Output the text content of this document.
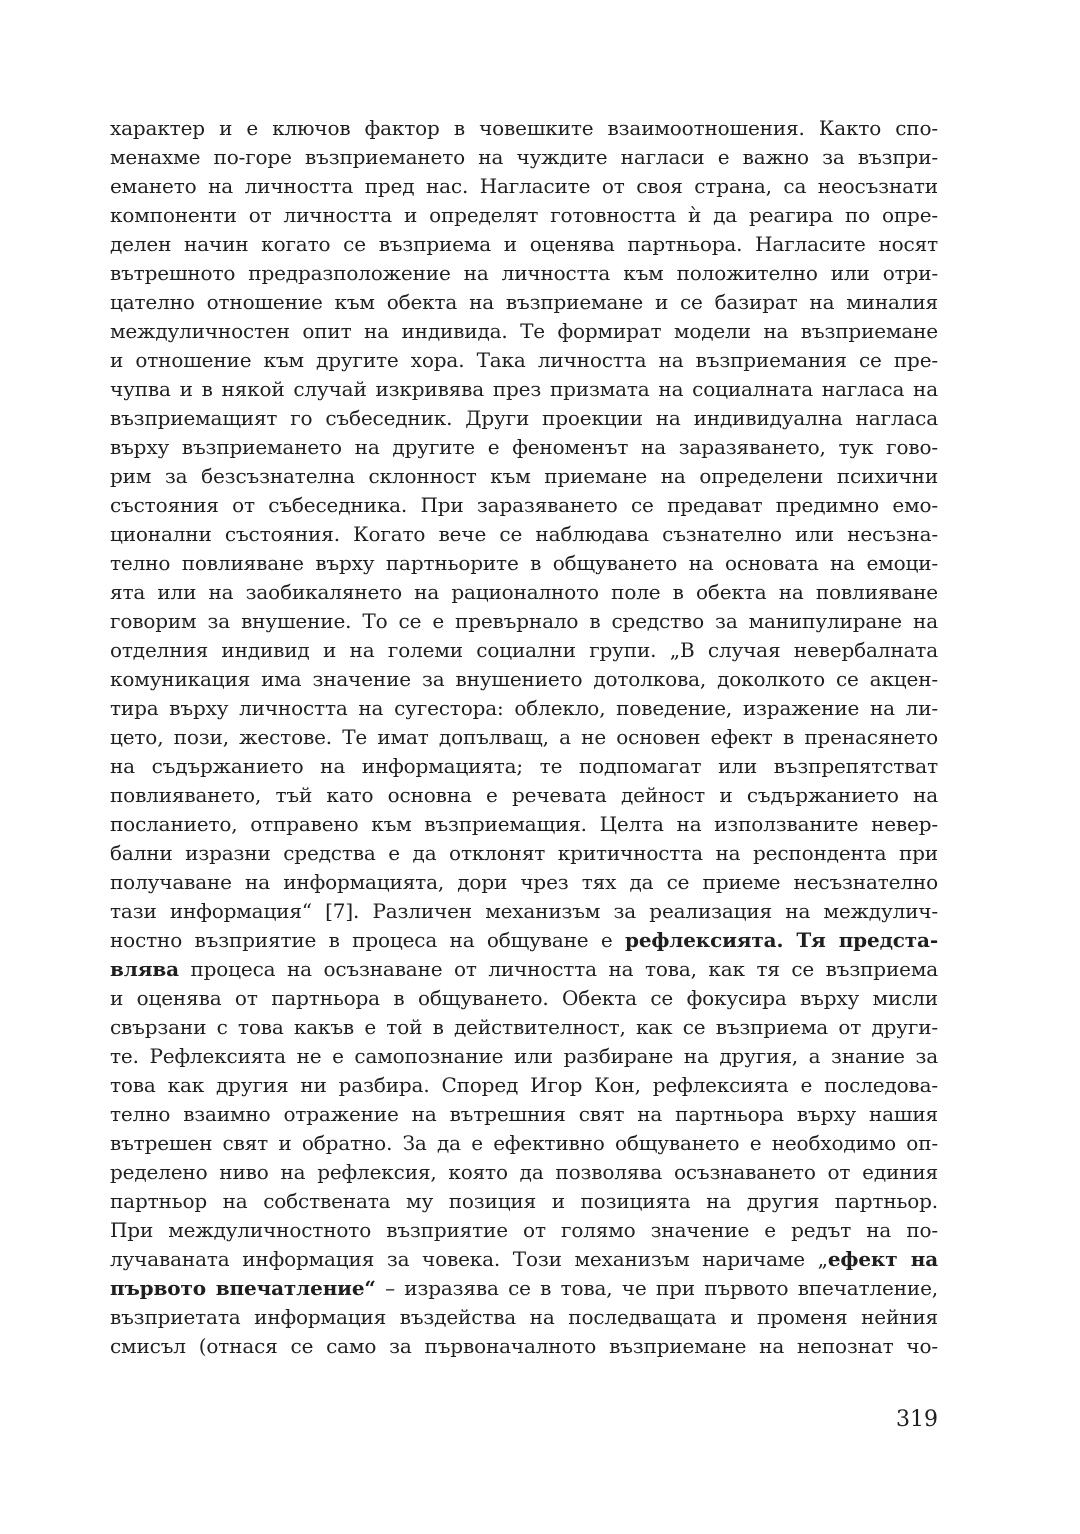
характер и е ключов фактор в човешките взаимоотношения. Както спо-
менахме по-горе възприемането на чуждите нагласи е важно за възпри-
емането на личността пред нас. Нагласите от своя страна, са неосъзнати
компоненти от личността и определят готовността ѝ да реагира по опре-
делен начин когато се възприема и оценява партньора. Нагласите носят
вътрешното предразположение на личността към положително или отри-
цателно отношение към обекта на възприемане и се базират на миналия
междуличностен опит на индивида. Те формират модели на възприемане
и отношение към другите хора. Така личността на възприемания се пре-
чупва и в някой случай изкривява през призмата на социалната нагласа на
възприемащият го събеседник. Други проекции на индивидуална нагласа
върху възприемането на другите е феноменът на заразяването, тук гово-
рим за безсъзнателна склонност към приемане на определени психични
състояния от събеседника. При заразяването се предават предимно емо-
ционални състояния. Когато вече се наблюдава съзнателно или несъзна-
телно повлияване върху партньорите в общуването на основата на емоци-
ята или на заобикалянето на рационалното поле в обекта на повлияване
говорим за внушение. То се е превърнало в средство за манипулиране на
отделния индивид и на големи социални групи. „В случая невербалната
комуникация има значение за внушението дотолкова, доколкото се акцен-
тира върху личността на сугестора: облекло, поведение, изражение на ли-
цето, пози, жестове. Те имат допълващ, а не основен ефект в пренасянето
на съдържанието на информацията; те подпомагат или възпрепятстват
повлияването, тъй като основна е речевата дейност и съдържанието на
посланието, отправено към възприемащия. Целта на използваните невер-
бални изразни средства е да отклонят критичността на респондента при
получаване на информацията, дори чрез тях да се приеме несъзнателно
тази информация“ [7]. Различен механизъм за реализация на междулич-
ностно възприятие в процеса на общуване е рефлексията. Тя предста-
влява процеса на осъзнаване от личността на това, как тя се възприема
и оценява от партньора в общуването. Обекта се фокусира върху мисли
свързани с това какъв е той в действителност, как се възприема от други-
те. Рефлексията не е самопознание или разбиране на другия, а знание за
това как другия ни разбира. Според Игор Кон, рефлексията е последова-
телно взаимно отражение на вътрешния свят на партньора върху нашия
вътрешен свят и обратно. За да е ефективно общуването е необходимо оп-
ределено ниво на рефлексия, която да позволява осъзнаването от единия
партньор на собствената му позиция и позицията на другия партньор.
При междуличностното възприятие от голямо значение е редът на по-
лучаваната информация за човека. Този механизъм наричаме „ефект на
първото впечатление“ – изразява се в това, че при първото впечатление,
възприетата информация въздейства на последващата и променя нейния
смисъл (отнася се само за първоначалното възприемане на непознат чо-
319
